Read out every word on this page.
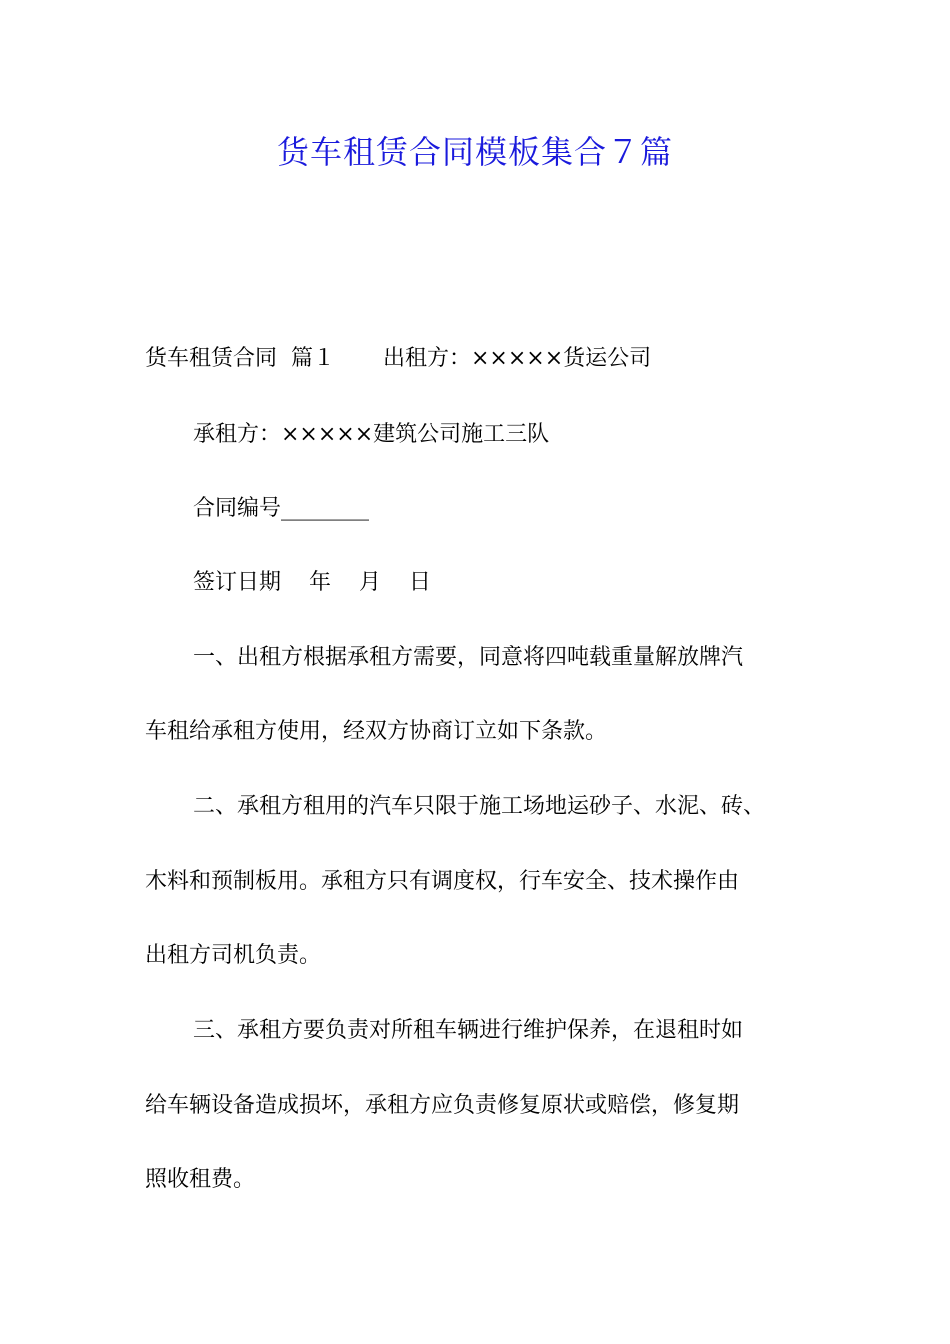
货车租赁合同模板集合７篇
货车租赁合同  篇１ 出租方：×××××货运公司
承租方：×××××建筑公司施工三队
合同编号________
签订日期    年    月    日
一、出租方根据承租方需要，同意将四吨载重量解放牌汽
车租给承租方使用，经双方协商订立如下条款。
二、承租方租用的汽车只限于施工场地运砂子、水泥、砖、
木料和预制板用。承租方只有调度权，行车安全、技术操作由
出租方司机负责。
三、承租方要负责对所租车辆进行维护保养，在退租时如
给车辆设备造成损坏，承租方应负责修复原状或赔偿，修复期
照收租费。
